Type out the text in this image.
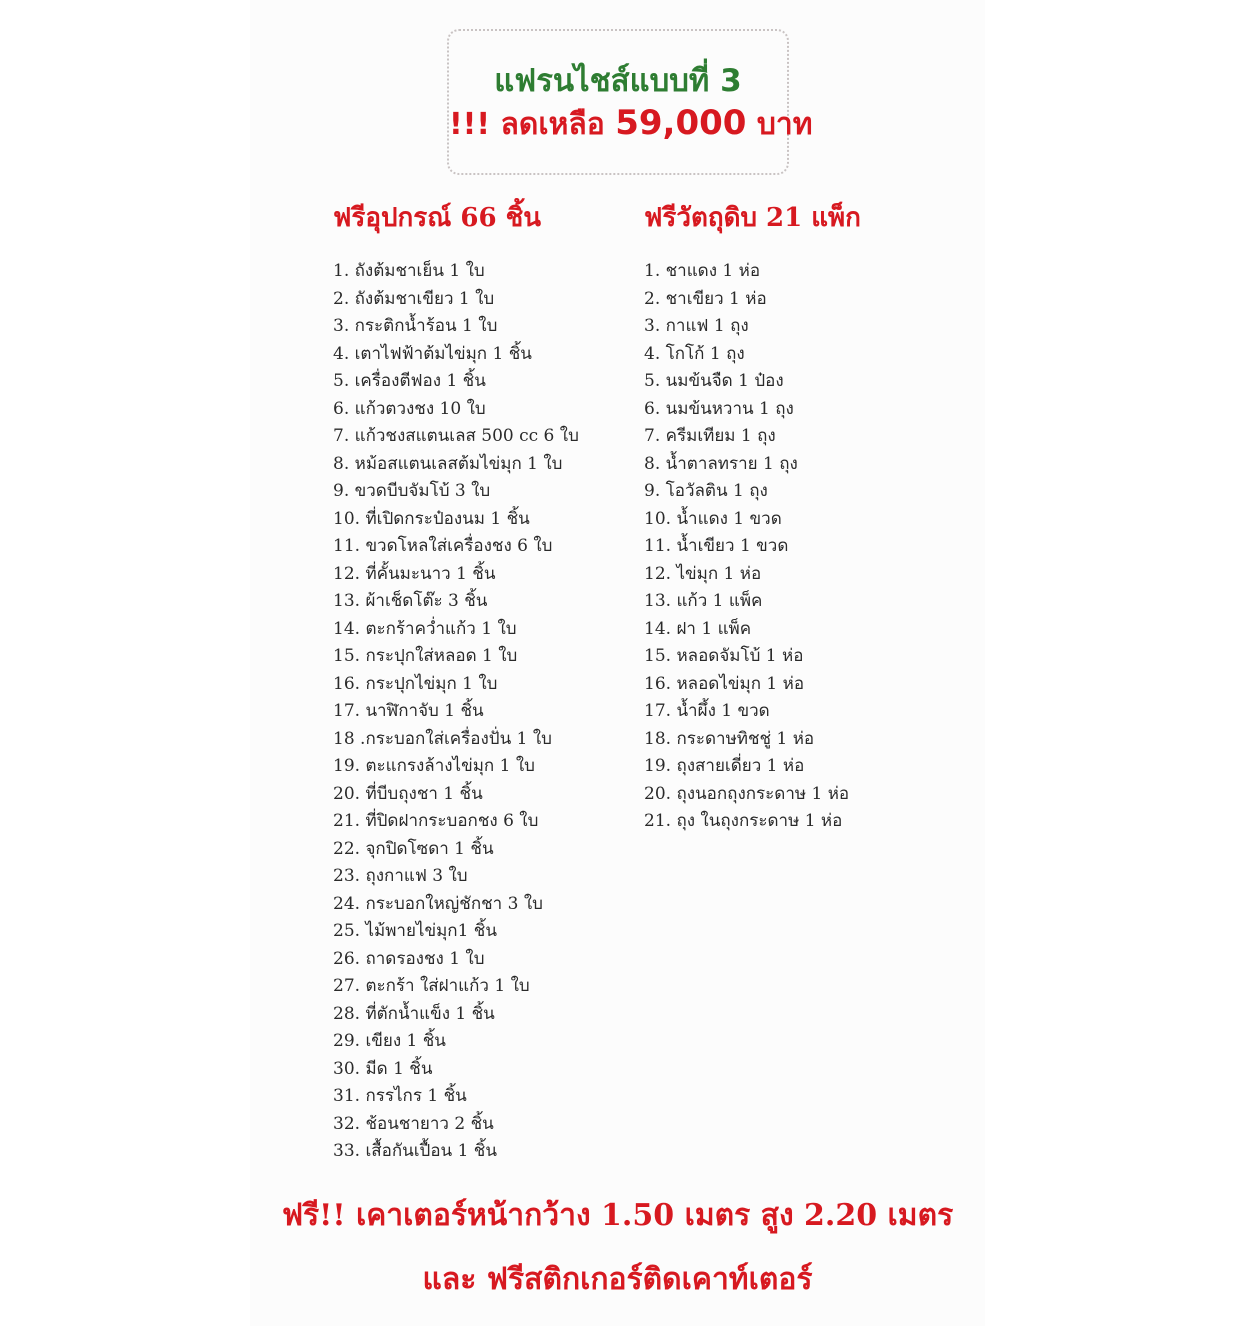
แฟรนไชส์แบบที่ 3
!!! ลดเหลือ 59,000 บาท
ฟรีอุปกรณ์ 66 ชิ้น	ฟรีวัตถุดิบ 21 แพ็ก
1. ถังต้มชาเย็น 1 ใบ
2. ถังต้มชาเขียว 1 ใบ
3. กระติกน้ำร้อน 1 ใบ
4. เตาไฟฟ้าต้มไข่มุก 1 ชิ้น
5. เครื่องตีฟอง 1 ชิ้น
6. แก้วตวงชง 10 ใบ
7. แก้วชงสแตนเลส 500 cc 6 ใบ
8. หม้อสแตนเลสต้มไข่มุก 1 ใบ
9. ขวดบีบจัมโบ้ 3 ใบ
10. ที่เปิดกระป๋องนม 1 ชิ้น
11. ขวดโหลใส่เครื่องชง 6 ใบ
12. ที่คั้นมะนาว 1 ชิ้น
13. ผ้าเช็ดโต๊ะ 3 ชิ้น
14. ตะกร้าคว่ำแก้ว 1 ใบ
15. กระปุกใส่หลอด 1 ใบ
16. กระปุกไข่มุก 1 ใบ
17. นาฬิกาจับ 1 ชิ้น
18 .กระบอกใส่เครื่องปั่น 1 ใบ
19. ตะแกรงล้างไข่มุก 1 ใบ
20. ที่บีบถุงชา 1 ชิ้น
21. ที่ปิดฝากระบอกชง 6 ใบ
22. จุกปิดโซดา 1 ชิ้น
23. ถุงกาแฟ 3 ใบ
24. กระบอกใหญ่ชักชา 3 ใบ
25. ไม้พายไข่มุก1 ชิ้น
26. ถาดรองชง 1 ใบ
27. ตะกร้า ใส่ฝาแก้ว 1 ใบ
28. ที่ตักน้ำแข็ง 1 ชิ้น
29. เขียง 1 ชิ้น
30. มีด 1 ชิ้น
31. กรรไกร 1 ชิ้น
32. ช้อนชายาว 2 ชิ้น
33. เสื้อกันเปื้อน 1 ชิ้น
1. ชาแดง 1 ห่อ
2. ชาเขียว 1 ห่อ
3. กาแฟ 1 ถุง
4. โกโก้ 1 ถุง
5. นมข้นจืด 1 ป๋อง
6. นมข้นหวาน 1 ถุง
7. ครีมเทียม 1 ถุง
8. น้ำตาลทราย 1 ถุง
9. โอวัลติน 1 ถุง
10. น้ำแดง 1 ขวด
11. น้ำเขียว 1 ขวด
12. ไข่มุก 1 ห่อ
13. แก้ว 1 แพ็ค
14. ฝา 1 แพ็ค
15. หลอดจัมโบ้ 1 ห่อ
16. หลอดไข่มุก 1 ห่อ
17. น้ำผึ้ง 1 ขวด
18. กระดาษทิชชู่ 1 ห่อ
19. ถุงสายเดี่ยว 1 ห่อ
20. ถุงนอกถุงกระดาษ 1 ห่อ
21. ถุง ในถุงกระดาษ 1 ห่อ
ฟรี!! เคาเตอร์หน้ากว้าง 1.50 เมตร สูง 2.20 เมตร
และ ฟรีสติกเกอร์ติดเคาท์เตอร์
